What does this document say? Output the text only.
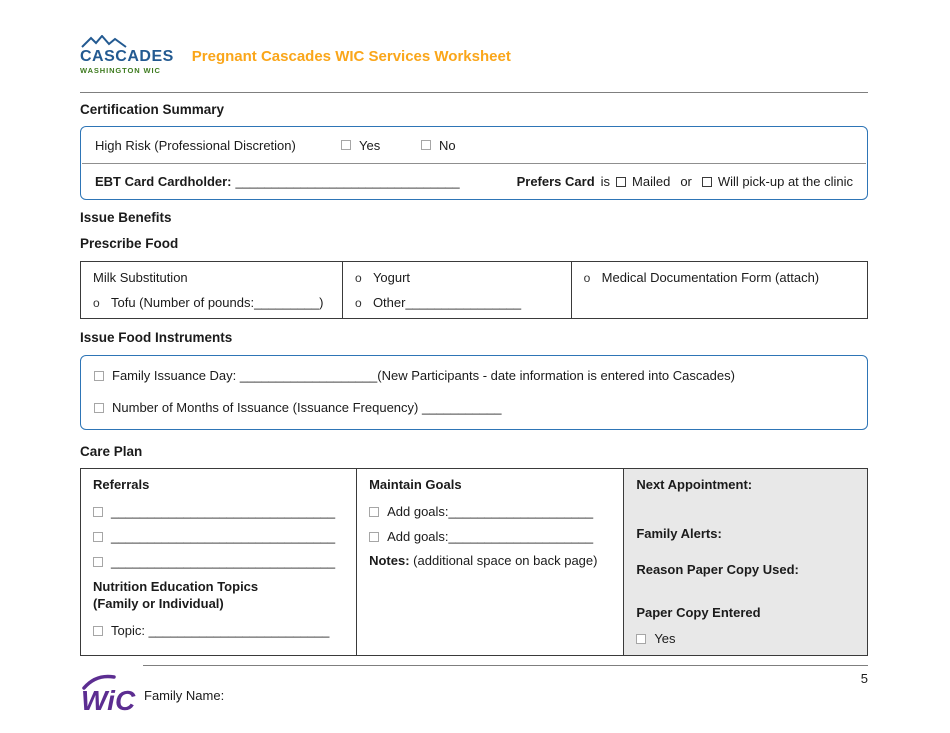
CASCADES
WASHINGTON WIC
Pregnant Cascades WIC Services Worksheet
Certification Summary
High Risk (Professional Discretion)	Yes	No
EBT Card Cardholder: _______________________________	Prefers Card is Mailed or Will pick-up at the clinic
Issue Benefits
Prescribe Food
Milk Substitution
o Tofu (Number of pounds:_________)
o Yogurt
o Other________________
o Medical Documentation Form (attach)
Issue Food Instruments
Family Issuance Day: ___________________(New Participants - date information is entered into Cascades)
Number of Months of Issuance (Issuance Frequency) ___________
Care Plan
Referrals
_______________________________
_______________________________
_______________________________
Nutrition Education Topics
(Family or Individual)
Topic: _________________________
Maintain Goals
Add goals:____________________
Add goals:____________________
Notes: (additional space on back page)
Next Appointment:
Family Alerts:
Reason Paper Copy Used:
Paper Copy Entered
Yes
5
WiC Family Name:
